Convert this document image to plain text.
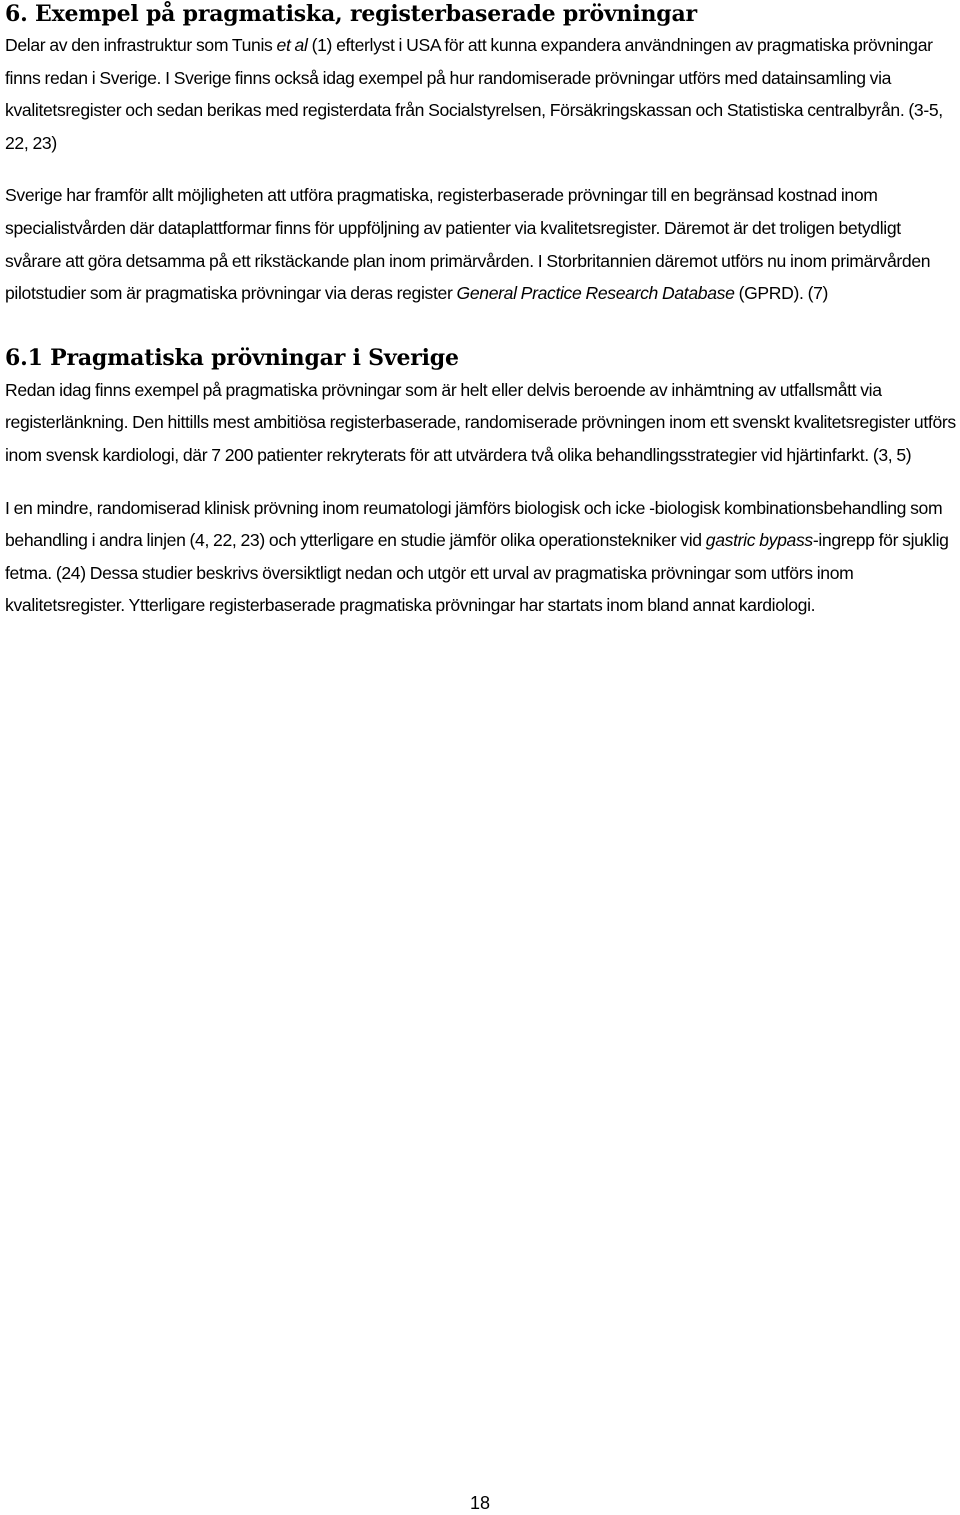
6. Exempel på pragmatiska, registerbaserade prövningar

Delar av den infrastruktur som Tunis et al (1) efterlyst i USA för att kunna expandera användningen av pragmatiska prövningar finns redan i Sverige. I Sverige finns också idag exempel på hur randomiserade prövningar utförs med datainsamling via kvalitetsregister och sedan berikas med registerdata från Socialstyrelsen, Försäkringskassan och Statistiska centralbyrån. (3-5, 22, 23)

Sverige har framför allt möjligheten att utföra pragmatiska, registerbaserade prövningar till en begränsad kostnad inom specialistvården där dataplattformar finns för uppföljning av patienter via kvalitetsregister. Däremot är det troligen betydligt svårare att göra detsamma på ett rikstäckande plan inom primärvården. I Storbritannien däremot utförs nu inom primärvården pilotstudier som är pragmatiska prövningar via deras register General Practice Research Database (GPRD). (7)

6.1 Pragmatiska prövningar i Sverige

Redan idag finns exempel på pragmatiska prövningar som är helt eller delvis beroende av inhämtning av utfallsmått via registerlänkning. Den hittills mest ambitiösa registerbaserade, randomiserade prövningen inom ett svenskt kvalitetsregister utförs inom svensk kardiologi, där 7 200 patienter rekryterats för att utvärdera två olika behandlingsstrategier vid hjärtinfarkt. (3, 5)

I en mindre, randomiserad klinisk prövning inom reumatologi jämförs biologisk och icke -biologisk kombinationsbehandling som behandling i andra linjen (4, 22, 23) och ytterligare en studie jämför olika operationstekniker vid gastric bypass-ingrepp för sjuklig fetma. (24) Dessa studier beskrivs översiktligt nedan och utgör ett urval av pragmatiska prövningar som utförs inom kvalitetsregister. Ytterligare registerbaserade pragmatiska prövningar har startats inom bland annat kardiologi.

18
